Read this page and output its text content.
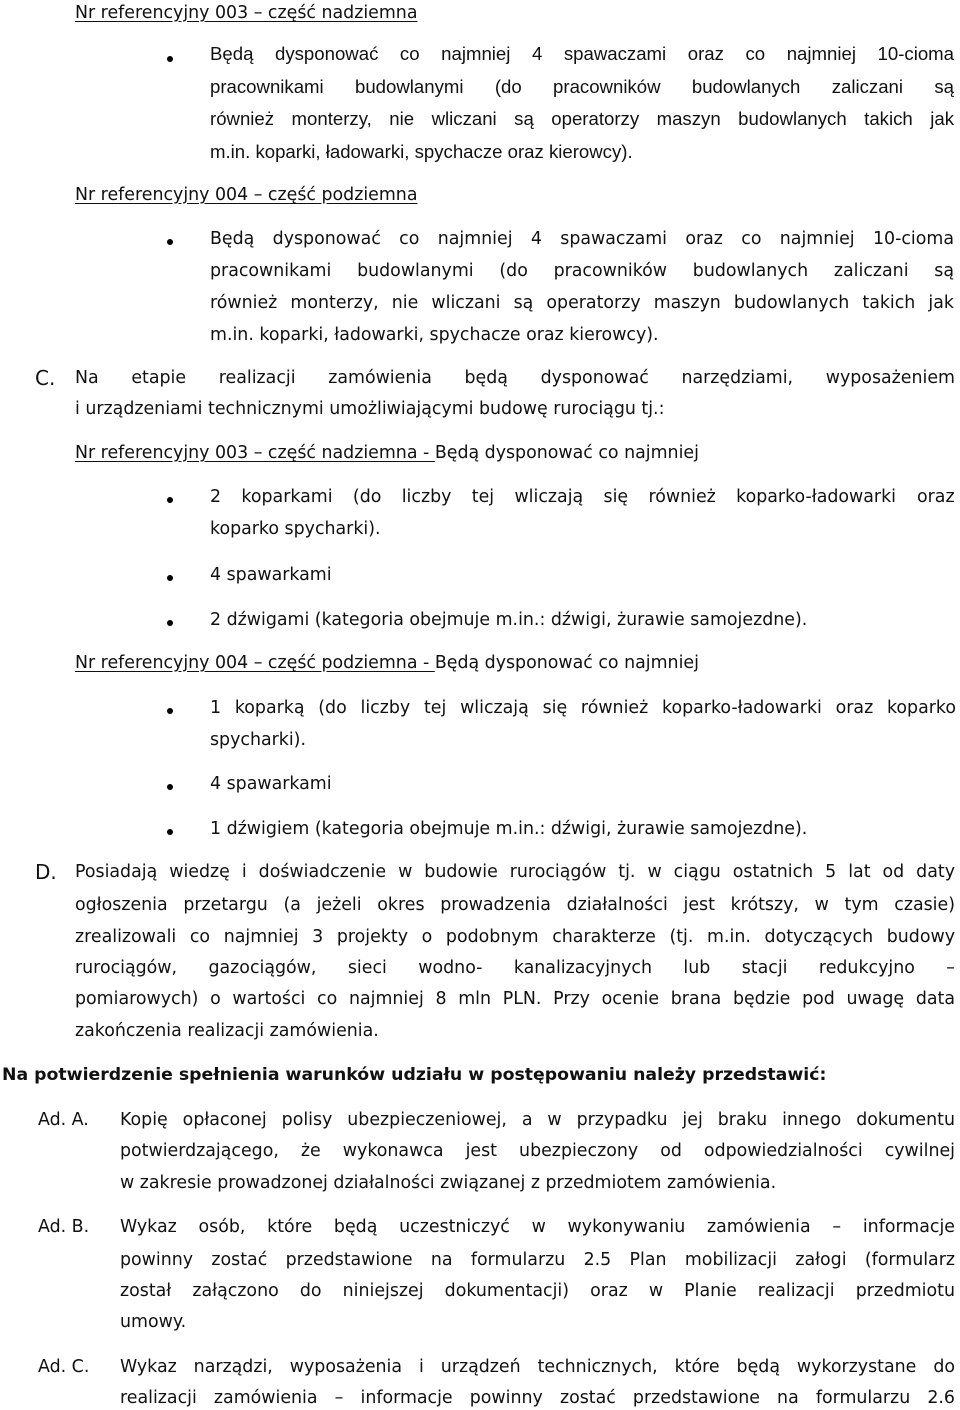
Nr referencyjny 003 – część nadziemna
Będą dysponować co najmniej 4 spawaczami oraz co najmniej 10-cioma
pracownikami budowlanymi (do pracowników budowlanych zaliczani są
również monterzy, nie wliczani są operatorzy maszyn budowlanych takich jak
m.in. koparki, ładowarki, spychacze oraz kierowcy).
Nr referencyjny 004 – część podziemna
Będą dysponować co najmniej 4 spawaczami oraz co najmniej 10-cioma
pracownikami budowlanymi (do pracowników budowlanych zaliczani są
również monterzy, nie wliczani są operatorzy maszyn budowlanych takich jak
m.in. koparki, ładowarki, spychacze oraz kierowcy).
C. Na etapie realizacji zamówienia będą dysponować narzędziami, wyposażeniem
i urządzeniami technicznymi umożliwiającymi budowę rurociągu tj.:
Nr referencyjny 003 – część nadziemna - Będą dysponować co najmniej
2 koparkami (do liczby tej wliczają się również koparko-ładowarki oraz
koparko spycharki).
4 spawarkami
2 dźwigami (kategoria obejmuje m.in.: dźwigi, żurawie samojezdne).
Nr referencyjny 004 – część podziemna - Będą dysponować co najmniej
1 koparką (do liczby tej wliczają się również koparko-ładowarki oraz koparko
spycharki).
4 spawarkami
1 dźwigiem (kategoria obejmuje m.in.: dźwigi, żurawie samojezdne).
D. Posiadają wiedzę i doświadczenie w budowie rurociągów tj. w ciągu ostatnich 5 lat od daty
ogłoszenia przetargu (a jeżeli okres prowadzenia działalności jest krótszy, w tym czasie)
zrealizowali co najmniej 3 projekty o podobnym charakterze (tj. m.in. dotyczących budowy
rurociągów, gazociągów, sieci wodno- kanalizacyjnych lub stacji redukcyjno –
pomiarowych) o wartości co najmniej 8 mln PLN. Przy ocenie brana będzie pod uwagę data
zakończenia realizacji zamówienia.
Na potwierdzenie spełnienia warunków udziału w postępowaniu należy przedstawić:
Ad. A. Kopię opłaconej polisy ubezpieczeniowej, a w przypadku jej braku innego dokumentu
potwierdzającego, że wykonawca jest ubezpieczony od odpowiedzialności cywilnej
w zakresie prowadzonej działalności związanej z przedmiotem zamówienia.
Ad. B. Wykaz osób, które będą uczestniczyć w wykonywaniu zamówienia – informacje
powinny zostać przedstawione na formularzu 2.5 Plan mobilizacji załogi (formularz
został załączono do niniejszej dokumentacji) oraz w Planie realizacji przedmiotu
umowy.
Ad. C. Wykaz narządzi, wyposażenia i urządzeń technicznych, które będą wykorzystane do
realizacji zamówienia – informacje powinny zostać przedstawione na formularzu 2.6
